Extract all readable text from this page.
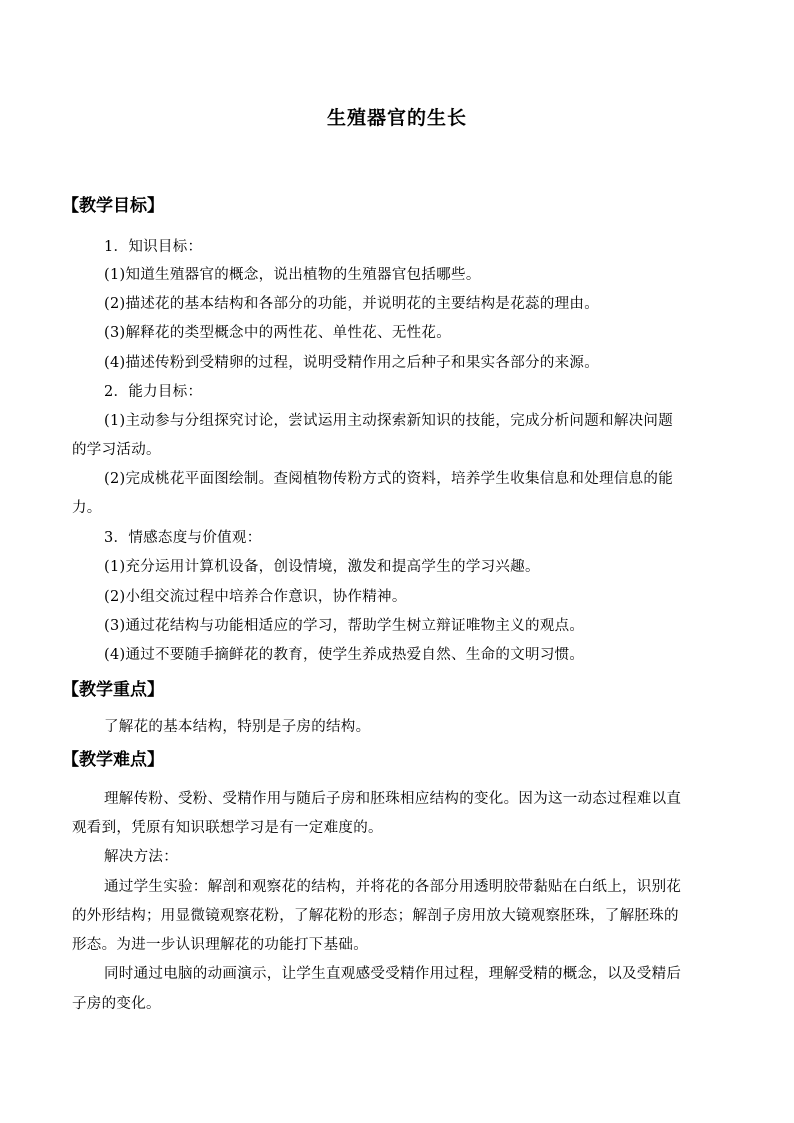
生殖器官的生长
【教学目标】
1．知识目标：
(1)知道生殖器官的概念，说出植物的生殖器官包括哪些。
(2)描述花的基本结构和各部分的功能，并说明花的主要结构是花蕊的理由。
(3)解释花的类型概念中的两性花、单性花、无性花。
(4)描述传粉到受精卵的过程，说明受精作用之后种子和果实各部分的来源。
2．能力目标：
(1)主动参与分组探究讨论，尝试运用主动探索新知识的技能，完成分析问题和解决问题
的学习活动。
(2)完成桃花平面图绘制。查阅植物传粉方式的资料，培养学生收集信息和处理信息的能
力。
3．情感态度与价值观：
(1)充分运用计算机设备，创设情境，激发和提高学生的学习兴趣。
(2)小组交流过程中培养合作意识，协作精神。
(3)通过花结构与功能相适应的学习，帮助学生树立辩证唯物主义的观点。
(4)通过不要随手摘鲜花的教育，使学生养成热爱自然、生命的文明习惯。
【教学重点】
了解花的基本结构，特别是子房的结构。
【教学难点】
理解传粉、受粉、受精作用与随后子房和胚珠相应结构的变化。因为这一动态过程难以直
观看到，凭原有知识联想学习是有一定难度的。
解决方法：
通过学生实验：解剖和观察花的结构，并将花的各部分用透明胶带黏贴在白纸上，识别花
的外形结构；用显微镜观察花粉，了解花粉的形态；解剖子房用放大镜观察胚珠，了解胚珠的
形态。为进一步认识理解花的功能打下基础。
同时通过电脑的动画演示，让学生直观感受受精作用过程，理解受精的概念，以及受精后
子房的变化。
